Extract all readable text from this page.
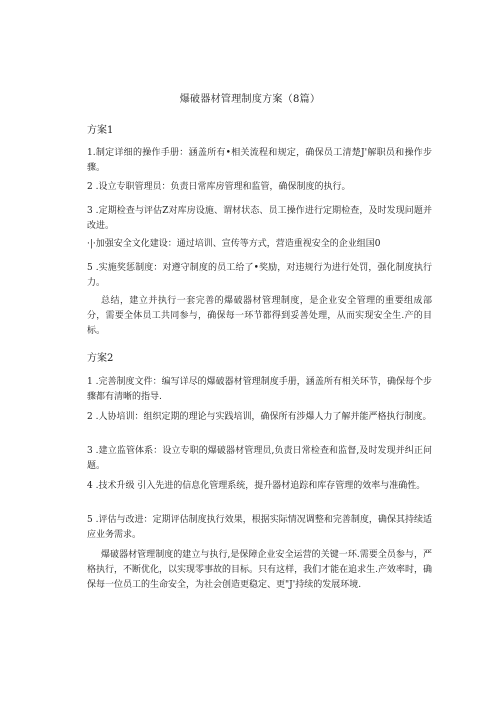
爆破器材管理制度方案（8篇）
方案1
1.制定详细的操作手册：涵盖所有•相关流程和规定，确保员工清楚J'解职员和操作步骤。
2 .设立专职管理员：负责日常库房管理和监管，确保制度的执行。
3 .定期检查与评估Z对库房设施、谓材状态、员工操作进行定期检查，及时发现问题并改进。
·|·加强安全文化建设：通过培训、宣传等方式，营造重视安全的企业组国0
5 .实施奖惩制度：对遵守制度的员工给了•奖励，对违规行为进行处罚，强化制度执行力。
总结，建立并执行一套完善的爆破器材管理制度，是企业安全管理的重要组成部分，需要全体员工共同参与，确保每一环节都得到妥善处理，从而实现安全生.产的目标。
方案2
1 .完善制度文件：编写详尽的爆破器材管理制度手册，涵盖所有相关环节，确保每个步骤都有清晰的指导.
2 .人协培训：组织定期的理论与实践培训，确保所有涉爆人力了解并能严格执行制度。
3 .建立监管体系：设立专职的爆破器材管理员,负责日常检查和监督,及时发现并纠正问题。
4 .技术升级 引入先进的信息化管理系统，提升器材追踪和库存管理的效率与准确性。
5 .评估与改进：定期评估制度执行效果，根据实际情况调整和完善制度，确保其持续适应业务需求。
爆破器材管理制度的建立与执行,是保障企业安全运营的关键一环.需要全员参与，严格执行，不断优化，以实现零事故的目标。只有这样，我们才能在追求生.产效率时，确保每一位员工的生命安全，为社会创造更稳定、更"J'持续的发展环境.
